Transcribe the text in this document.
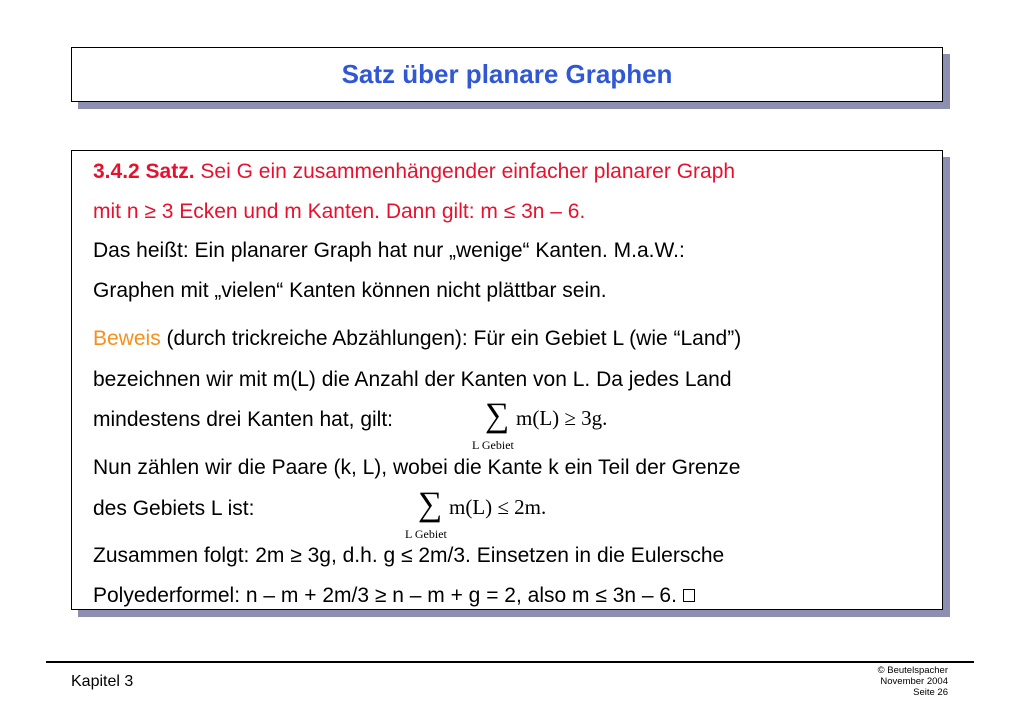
Satz über planare Graphen
3.4.2 Satz. Sei G ein zusammenhängender einfacher planarer Graph
mit n ≥ 3 Ecken und m Kanten. Dann gilt: m ≤ 3n – 6.
Das heißt: Ein planarer Graph hat nur „wenige“ Kanten. M.a.W.:
Graphen mit „vielen“ Kanten können nicht plättbar sein.
Beweis (durch trickreiche Abzählungen): Für ein Gebiet L (wie “Land”)
bezeichnen wir mit m(L) die Anzahl der Kanten von L. Da jedes Land
mindestens drei Kanten hat, gilt:	∑
L Gebiet
m(L) ≥ 3g.
Nun zählen wir die Paare (k, L), wobei die Kante k ein Teil der Grenze
des Gebiets L ist:	∑
L Gebiet
m(L) ≤ 2m.
Zusammen folgt: 2m ≥ 3g, d.h. g ≤ 2m/3. Einsetzen in die Eulersche
Polyederformel: n – m + 2m/3 ≥ n – m + g = 2, also m ≤ 3n – 6.
Kapitel 3
© Beutelspacher
November 2004
Seite 26
